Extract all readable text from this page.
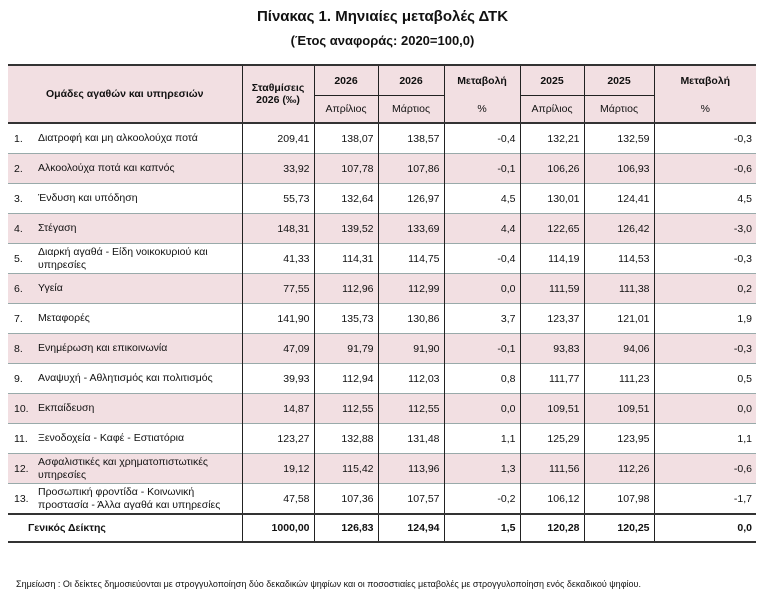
Πίνακας 1. Μηνιαίες μεταβολές ΔΤΚ
(Έτος αναφοράς: 2020=100,0)
Ομάδες αγαθών και υπηρεσιών		Σταθμίσεις 2026 (‰)	2026	2026	Μεταβολή	2025	2025	Μεταβολή
			Απρίλιος	Μάρτιος	%	Απρίλιος	Μάρτιος	%
1.	Διατροφή και μη αλκοολούχα ποτά	209,41	138,07	138,57	-0,4	132,21	132,59	-0,3
2.	Αλκοολούχα ποτά και καπνός	33,92	107,78	107,86	-0,1	106,26	106,93	-0,6
3.	Ένδυση και υπόδηση	55,73	132,64	126,97	4,5	130,01	124,41	4,5
4.	Στέγαση	148,31	139,52	133,69	4,4	122,65	126,42	-3,0
5.	Διαρκή αγαθά - Είδη νοικοκυριού και υπηρεσίες	41,33	114,31	114,75	-0,4	114,19	114,53	-0,3
6.	Υγεία	77,55	112,96	112,99	0,0	111,59	111,38	0,2
7.	Μεταφορές	141,90	135,73	130,86	3,7	123,37	121,01	1,9
8.	Ενημέρωση και επικοινωνία	47,09	91,79	91,90	-0,1	93,83	94,06	-0,3
9.	Αναψυχή - Αθλητισμός και πολιτισμός	39,93	112,94	112,03	0,8	111,77	111,23	0,5
10.	Εκπαίδευση	14,87	112,55	112,55	0,0	109,51	109,51	0,0
11.	Ξενοδοχεία - Καφέ - Εστιατόρια	123,27	132,88	131,48	1,1	125,29	123,95	1,1
12.	Ασφαλιστικές και χρηματοπιστωτικές υπηρεσίες	19,12	115,42	113,96	1,3	111,56	112,26	-0,6
13.	Προσωπική φροντίδα - Κοινωνική προστασία - Άλλα αγαθά και υπηρεσίες	47,58	107,36	107,57	-0,2	106,12	107,98	-1,7
Γενικός Δείκτης		1000,00	126,83	124,94	1,5	120,28	120,25	0,0
Σημείωση : Οι δείκτες δημοσιεύονται με στρογγυλοποίηση δύο δεκαδικών ψηφίων και οι ποσοστιαίες μεταβολές με στρογγυλοποίηση ενός δεκαδικού ψηφίου.
